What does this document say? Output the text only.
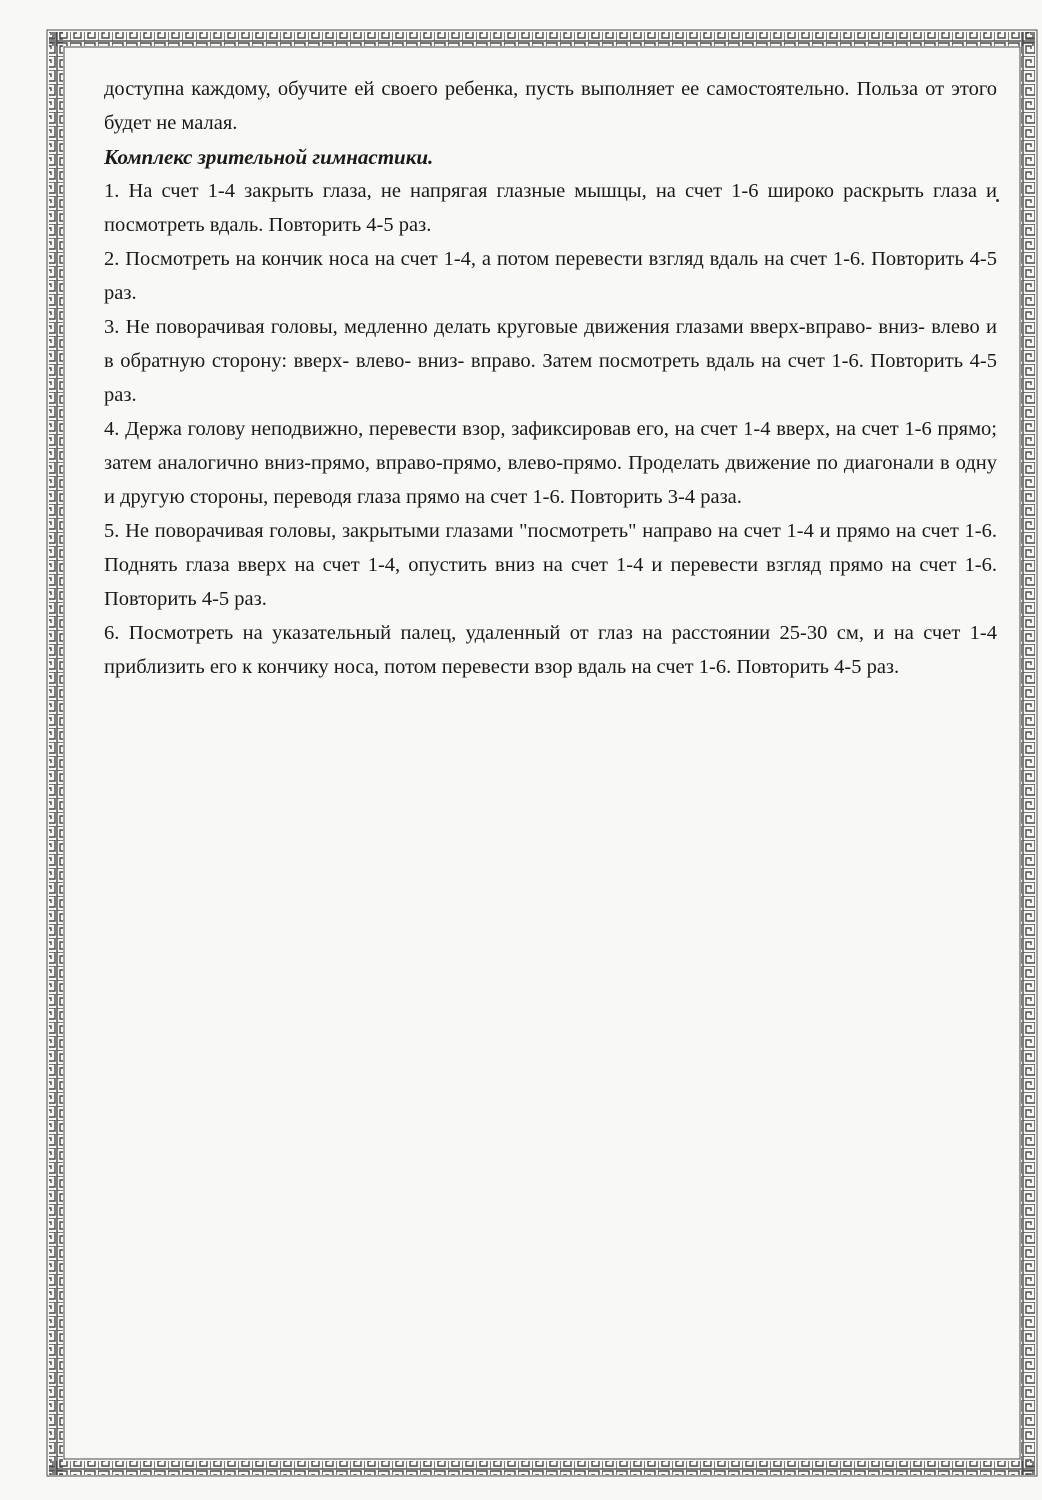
доступна каждому, обучите ей своего ребенка, пусть выполняет ее самостоятельно. Польза от этого будет не малая.

Комплекс зрительной гимнастики.

1. На счет 1-4 закрыть глаза, не напрягая глазные мышцы, на счет 1-6 широко раскрыть глаза и посмотреть вдаль. Повторить 4-5 раз.

2. Посмотреть на кончик носа на счет 1-4, а потом перевести взгляд вдаль на счет 1-6. Повторить 4-5 раз.

3. Не поворачивая головы, медленно делать круговые движения глазами вверх-вправо- вниз- влево и в обратную сторону: вверх- влево- вниз- вправо. Затем посмотреть вдаль на счет 1-6. Повторить 4-5 раз.

4. Держа голову неподвижно, перевести взор, зафиксировав его, на счет 1-4 вверх, на счет 1-6 прямо; затем аналогично вниз-прямо, вправо-прямо, влево-прямо. Проделать движение по диагонали в одну и другую стороны, переводя глаза прямо на счет 1-6. Повторить 3-4 раза.

5. Не поворачивая головы, закрытыми глазами "посмотреть" направо на счет 1-4 и прямо на счет 1-6. Поднять глаза вверх на счет 1-4, опустить вниз на счет 1-4 и перевести взгляд прямо на счет 1-6. Повторить 4-5 раз.

6. Посмотреть на указательный палец, удаленный от глаз на расстоянии 25-30 см, и на счет 1-4 приблизить его к кончику носа, потом перевести взор вдаль на счет 1-6. Повторить 4-5 раз.
